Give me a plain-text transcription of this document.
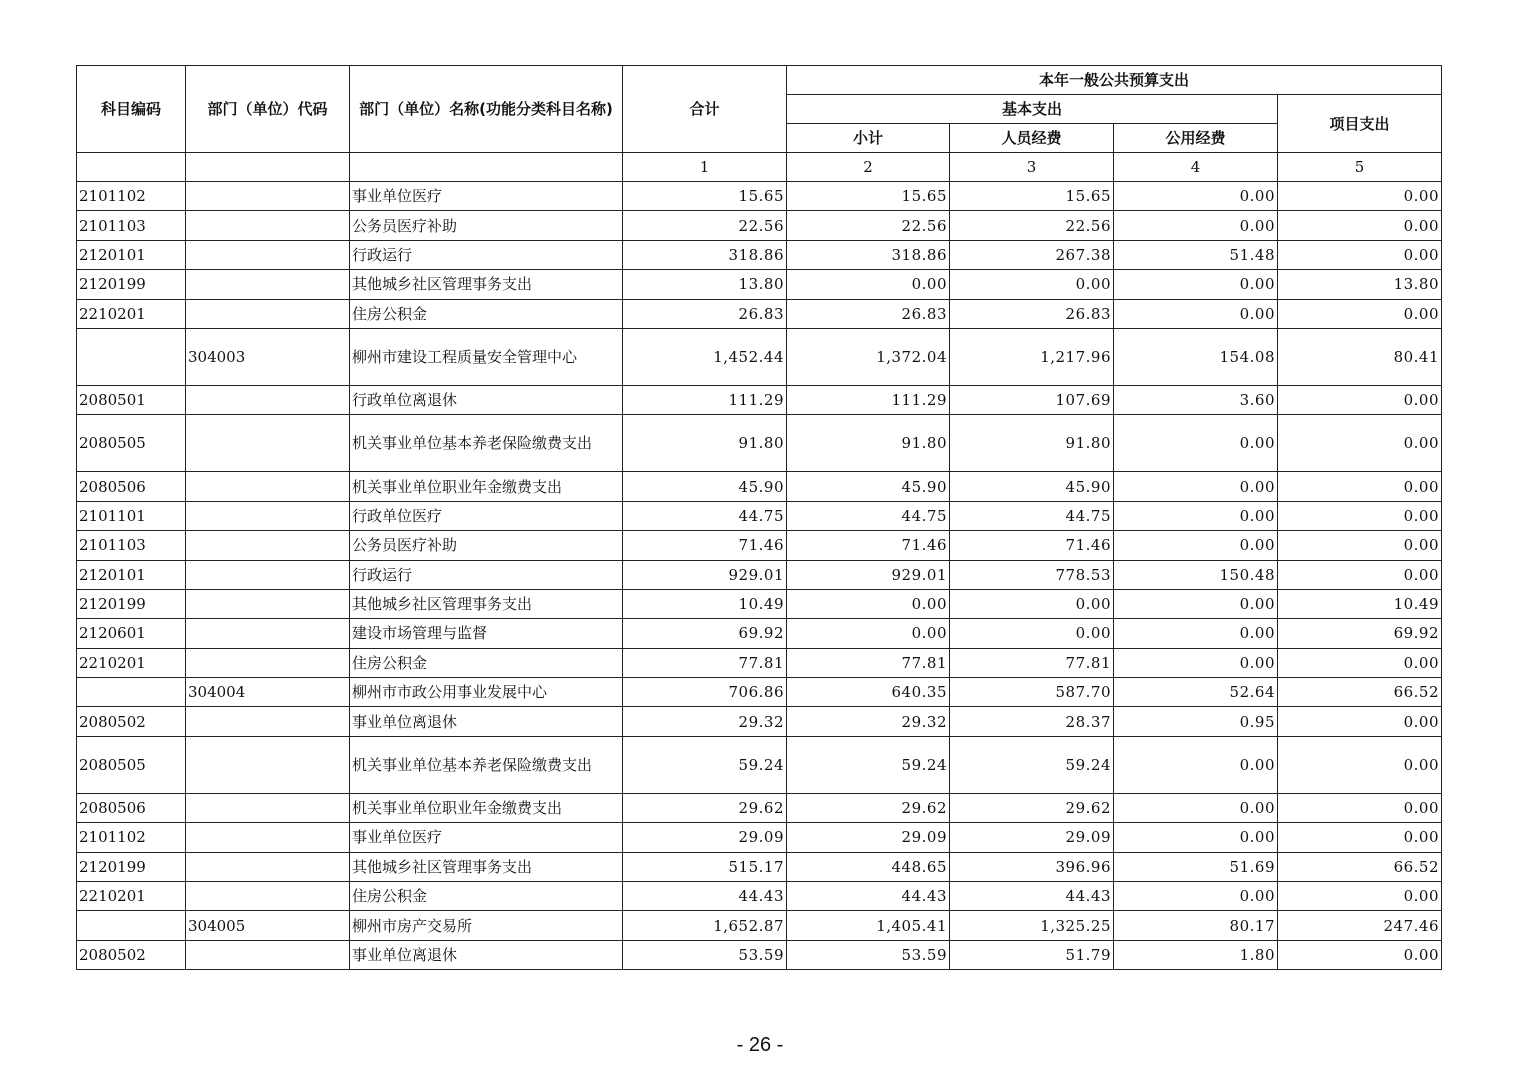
科目编码	部门（单位）代码	部门（单位）名称(功能分类科目名称)	合计	本年一般公共预算支出			
				基本支出			项目支出
				小计	人员经费	公用经费	
			1	2	3	4	5
2101102		事业单位医疗	15.65	15.65	15.65	0.00	0.00
2101103		公务员医疗补助	22.56	22.56	22.56	0.00	0.00
2120101		行政运行	318.86	318.86	267.38	51.48	0.00
2120199		其他城乡社区管理事务支出	13.80	0.00	0.00	0.00	13.80
2210201		住房公积金	26.83	26.83	26.83	0.00	0.00
	304003	柳州市建设工程质量安全管理中心	1,452.44	1,372.04	1,217.96	154.08	80.41
2080501		行政单位离退休	111.29	111.29	107.69	3.60	0.00
2080505		机关事业单位基本养老保险缴费支出	91.80	91.80	91.80	0.00	0.00
2080506		机关事业单位职业年金缴费支出	45.90	45.90	45.90	0.00	0.00
2101101		行政单位医疗	44.75	44.75	44.75	0.00	0.00
2101103		公务员医疗补助	71.46	71.46	71.46	0.00	0.00
2120101		行政运行	929.01	929.01	778.53	150.48	0.00
2120199		其他城乡社区管理事务支出	10.49	0.00	0.00	0.00	10.49
2120601		建设市场管理与监督	69.92	0.00	0.00	0.00	69.92
2210201		住房公积金	77.81	77.81	77.81	0.00	0.00
	304004	柳州市市政公用事业发展中心	706.86	640.35	587.70	52.64	66.52
2080502		事业单位离退休	29.32	29.32	28.37	0.95	0.00
2080505		机关事业单位基本养老保险缴费支出	59.24	59.24	59.24	0.00	0.00
2080506		机关事业单位职业年金缴费支出	29.62	29.62	29.62	0.00	0.00
2101102		事业单位医疗	29.09	29.09	29.09	0.00	0.00
2120199		其他城乡社区管理事务支出	515.17	448.65	396.96	51.69	66.52
2210201		住房公积金	44.43	44.43	44.43	0.00	0.00
	304005	柳州市房产交易所	1,652.87	1,405.41	1,325.25	80.17	247.46
2080502		事业单位离退休	53.59	53.59	51.79	1.80	0.00
- 26 -
